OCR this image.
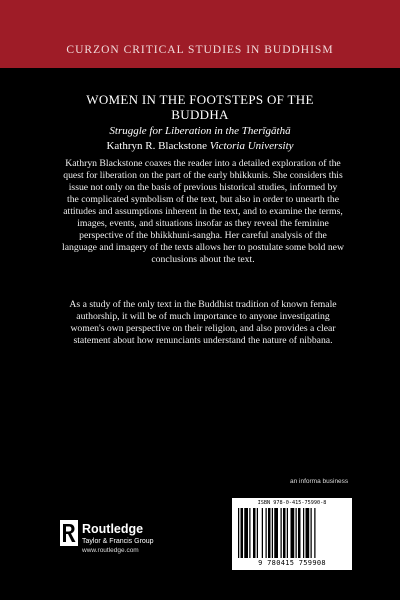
CURZON CRITICAL STUDIES IN BUDDHISM
WOMEN IN THE FOOTSTEPS OF THE
BUDDHA
Struggle for Liberation in the Therīgāthā
Kathryn R. Blackstone Victoria University

Kathryn Blackstone coaxes the reader into a detailed exploration of the quest for liberation on the part of the early bhikkunis. She considers this issue not only on the basis of previous historical studies, informed by the complicated symbolism of the text, but also in order to unearth the attitudes and assumptions inherent in the text, and to examine the terms, images, events, and situations insofar as they reveal the feminine perspective of the bhikkhuni-sangha. Her careful analysis of the language and imagery of the texts allows her to postulate some bold new conclusions about the text.

As a study of the only text in the Buddhist tradition of known female authorship, it will be of much importance to anyone investigating women's own perspective on their religion, and also provides a clear statement about how renunciants understand the nature of nibbana.

an informa business
ISBN 978-0-415-75990-8
9 780415 759908
Routledge
Taylor & Francis Group
www.routledge.com
